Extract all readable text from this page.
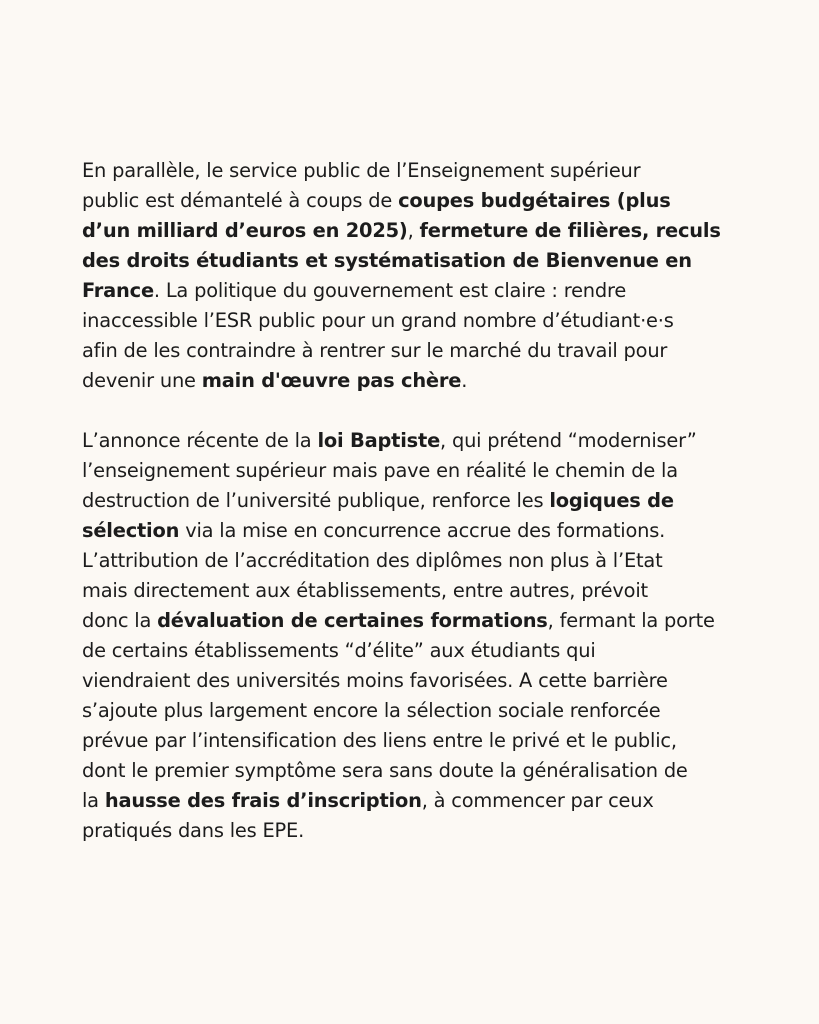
En parallèle, le service public de l’Enseignement supérieur
public est démantelé à coups de coupes budgétaires (plus
d’un milliard d’euros en 2025), fermeture de filières, reculs
des droits étudiants et systématisation de Bienvenue en
France. La politique du gouvernement est claire : rendre
inaccessible l’ESR public pour un grand nombre d’étudiant·e·s
afin de les contraindre à rentrer sur le marché du travail pour
devenir une main d'œuvre pas chère.

L’annonce récente de la loi Baptiste, qui prétend “moderniser”
l’enseignement supérieur mais pave en réalité le chemin de la
destruction de l’université publique, renforce les logiques de
sélection via la mise en concurrence accrue des formations.
L’attribution de l’accréditation des diplômes non plus à l’Etat
mais directement aux établissements, entre autres, prévoit
donc la dévaluation de certaines formations, fermant la porte
de certains établissements “d’élite” aux étudiants qui
viendraient des universités moins favorisées. A cette barrière
s’ajoute plus largement encore la sélection sociale renforcée
prévue par l’intensification des liens entre le privé et le public,
dont le premier symptôme sera sans doute la généralisation de
la hausse des frais d’inscription, à commencer par ceux
pratiqués dans les EPE.
